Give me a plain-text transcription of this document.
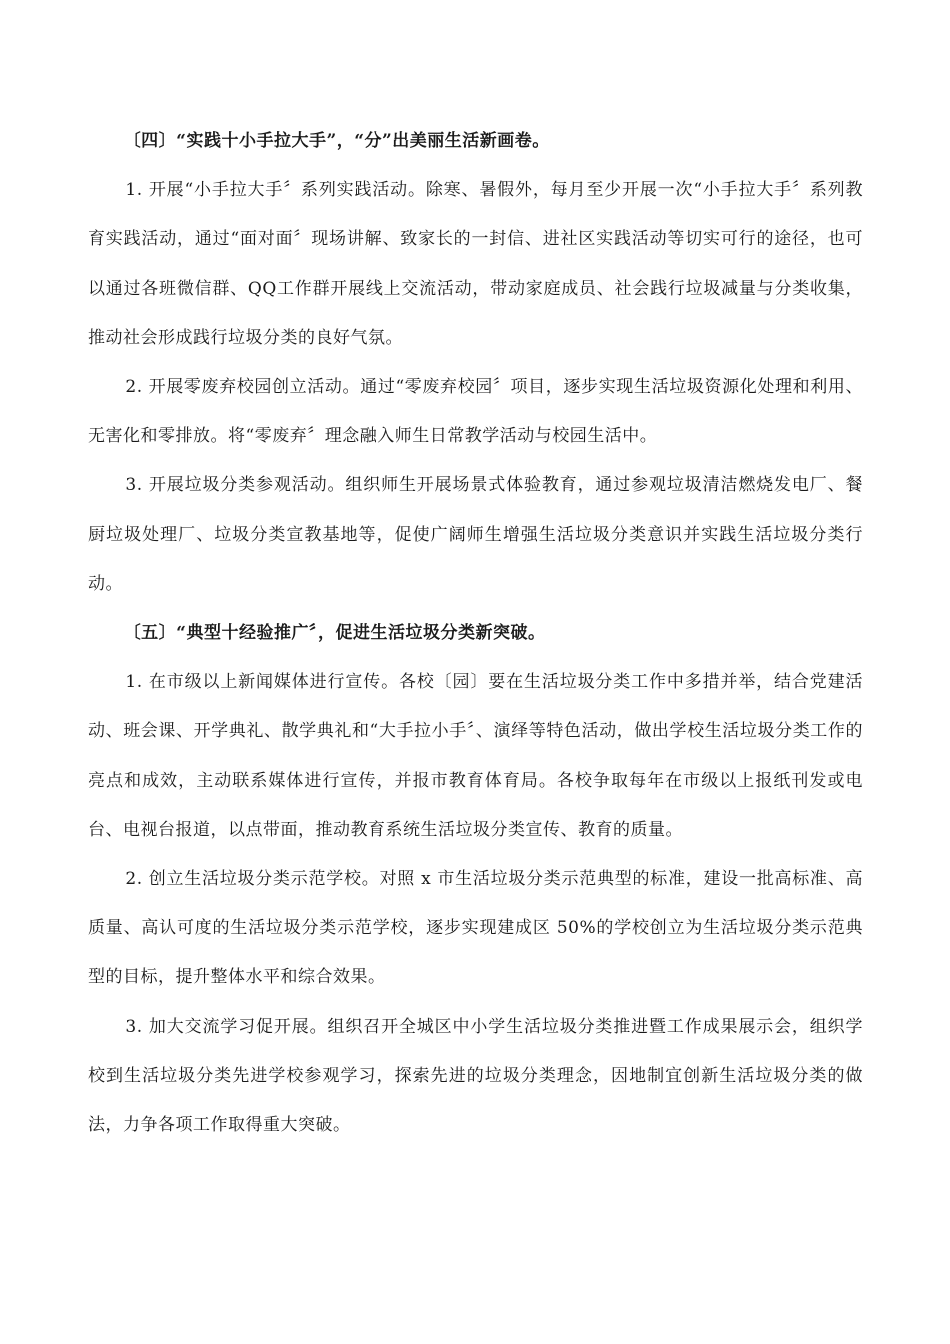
〔四〕“实践十小手拉大手”，“分”出美丽生活新画卷。

1. 开展“小手拉大手〞系列实践活动。除寒、暑假外，每月至少开展一次“小手拉大手〞系列教育实践活动，通过“面对面〞现场讲解、致家长的一封信、进社区实践活动等切实可行的途径，也可以通过各班微信群、QQ工作群开展线上交流活动，带动家庭成员、社会践行垃圾减量与分类收集，推动社会形成践行垃圾分类的良好气氛。

2. 开展零废弃校园创立活动。通过“零废弃校园〞项目，逐步实现生活垃圾资源化处理和利用、无害化和零排放。将“零废弃〞理念融入师生日常教学活动与校园生活中。

3. 开展垃圾分类参观活动。组织师生开展场景式体验教育，通过参观垃圾清洁燃烧发电厂、餐厨垃圾处理厂、垃圾分类宣教基地等，促使广阔师生增强生活垃圾分类意识并实践生活垃圾分类行动。

〔五〕“典型十经验推广〞，促进生活垃圾分类新突破。

1. 在市级以上新闻媒体进行宣传。各校〔园〕要在生活垃圾分类工作中多措并举，结合党建活动、班会课、开学典礼、散学典礼和“大手拉小手〞、演绎等特色活动，做出学校生活垃圾分类工作的亮点和成效，主动联系媒体进行宣传，并报市教育体育局。各校争取每年在市级以上报纸刊发或电台、电视台报道，以点带面，推动教育系统生活垃圾分类宣传、教育的质量。

2. 创立生活垃圾分类示范学校。对照 x 市生活垃圾分类示范典型的标准，建设一批高标准、高质量、高认可度的生活垃圾分类示范学校，逐步实现建成区 50%的学校创立为生活垃圾分类示范典型的目标，提升整体水平和综合效果。

3. 加大交流学习促开展。组织召开全城区中小学生活垃圾分类推进暨工作成果展示会，组织学校到生活垃圾分类先进学校参观学习，探索先进的垃圾分类理念，因地制宜创新生活垃圾分类的做法，力争各项工作取得重大突破。
